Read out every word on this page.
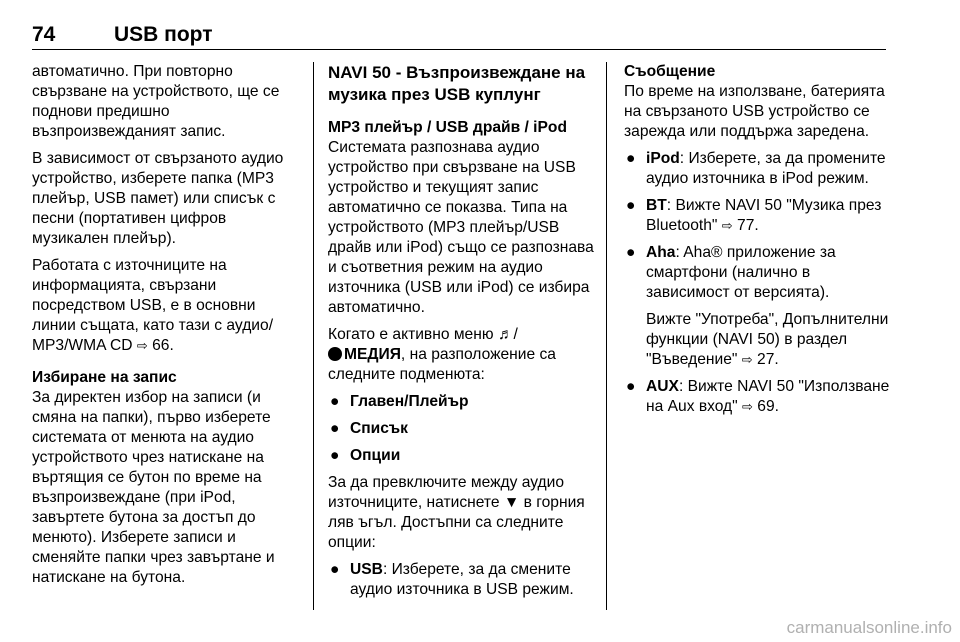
74	USB порт

автоматично. При повторно свързване на устройството, ще се поднови предишно възпроизвежданият запис.

В зависимост от свързаното аудио устройство, изберете папка (MP3 плейър, USB памет) или списък с песни (портативен цифров музикален плейър).

Работата с източниците на информацията, свързани посредством USB, е в основни линии същата, като тази с аудио/ MP3/WMA CD ⇨ 66.

Избиране на запис

За директен избор на записи (и смяна на папки), първо изберете системата от менюта на аудио устройството чрез натискане на въртящия се бутон по време на възпроизвеждане (при iPod, завъртете бутона за достъп до менюто). Изберете записи и сменяйте папки чрез завъртане и натискане на бутона.

NAVI 50 - Възпроизвеждане на музика през USB куплунг

MP3 плейър / USB драйв / iPod

Системата разпознава аудио устройство при свързване на USB устройство и текущият запис автоматично се показва. Типа на устройството (MP3 плейър/USB драйв или iPod) също се разпознава и съответния режим на аудио източника (USB или iPod) се избира автоматично.

Когато е активно меню ♬/
МЕДИЯ, на разположение са следните подменюта:

● Главен/Плейър
● Списък
● Опции

За да превключите между аудио източниците, натиснете ▼ в горния ляв ъгъл. Достъпни са следните опции:

● USB: Изберете, за да смените аудио източника в USB режим.

Съобщение

По време на използване, батерията на свързаното USB устройство се зарежда или поддържа заредена.

● iPod: Изберете, за да промените аудио източника в iPod режим.
● BT: Вижте NAVI 50 "Музика през Bluetooth" ⇨ 77.
● Aha: Aha® приложение за смартфони (налично в зависимост от версията).

Вижте "Употреба", Допълнителни функции (NAVI 50) в раздел "Въведение" ⇨ 27.

● AUX: Вижте NAVI 50 "Използване на Aux вход" ⇨ 69.
carmanualsonline.info
